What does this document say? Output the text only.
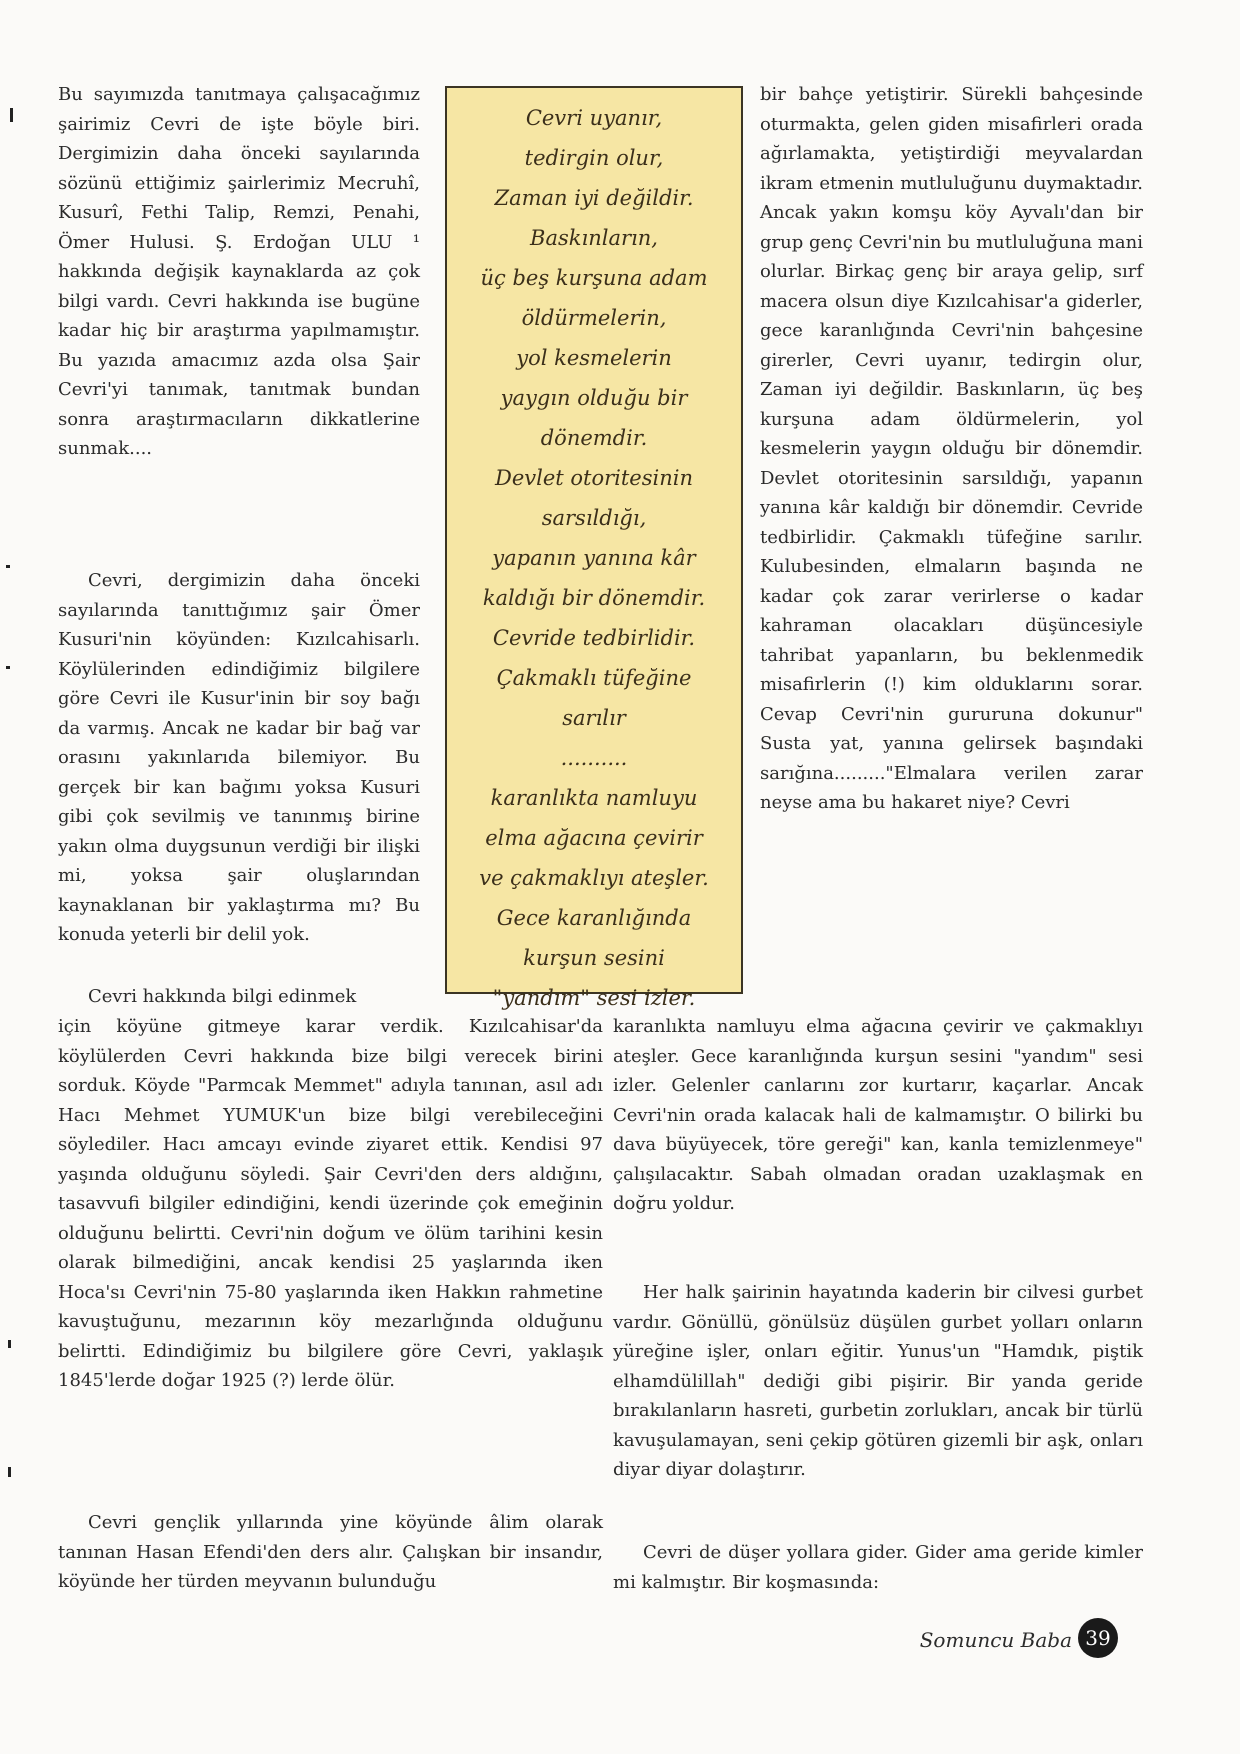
Bu sayımızda tanıtmaya çalışacağımız şairimiz Cevri de işte böyle biri. Dergimizin daha önceki sayılarında sözünü ettiğimiz şairlerimiz Mecruhî, Kusurî, Fethi Talip, Remzi, Penahi, Ömer Hulusi. Ş. Erdoğan ULU ¹ hakkında değişik kaynaklarda az çok bilgi vardı. Cevri hakkında ise bugüne kadar hiç bir araştırma yapılmamıştır. Bu yazıda amacımız azda olsa Şair Cevri'yi tanımak, tanıtmak bundan sonra araştırmacıların dikkatlerine sunmak....

Cevri, dergimizin daha önceki sayılarında tanıttığımız şair Ömer Kusuri'nin köyünden: Kızılcahisarlı. Köylülerinden edindiğimiz bilgilere göre Cevri ile Kusur'inin bir soy bağı da varmış. Ancak ne kadar bir bağ var orasını yakınlarıda bilemiyor. Bu gerçek bir kan bağımı yoksa Kusuri gibi çok sevilmiş ve tanınmış birine yakın olma duygsunun verdiği bir ilişki mi, yoksa şair oluşlarından kaynaklanan bir yaklaştırma mı? Bu konuda yeterli bir delil yok.

Cevri hakkında bilgi edinmek

Cevri uyanır,
tedirgin olur,
Zaman iyi değildir.
Baskınların,
üç beş kurşuna adam
öldürmelerin,
yol kesmelerin
yaygın olduğu bir
dönemdir.
Devlet otoritesinin
sarsıldığı,
yapanın yanına kâr
kaldığı bir dönemdir.
Cevride tedbirlidir.
Çakmaklı tüfeğine
sarılır
..........
karanlıkta namluyu
elma ağacına çevirir
ve çakmaklıyı ateşler.
Gece karanlığında
kurşun sesini
"yandım" sesi izler.

bir bahçe yetiştirir. Sürekli bahçesinde oturmakta, gelen giden misafirleri orada ağırlamakta, yetiştirdiği meyvalardan ikram etmenin mutluluğunu duymaktadır. Ancak yakın komşu köy Ayvalı'dan bir grup genç Cevri'nin bu mutluluğuna mani olurlar. Birkaç genç bir araya gelip, sırf macera olsun diye Kızılcahisar'a giderler, gece karanlığında Cevri'nin bahçesine girerler, Cevri uyanır, tedirgin olur, Zaman iyi değildir. Baskınların, üç beş kurşuna adam öldürmelerin, yol kesmelerin yaygın olduğu bir dönemdir. Devlet otoritesinin sarsıldığı, yapanın yanına kâr kaldığı bir dönemdir. Cevride tedbirlidir. Çakmaklı tüfeğine sarılır. Kulubesinden, elmaların başında ne kadar çok zarar verirlerse o kadar kahraman olacakları düşüncesiyle tahribat yapanların, bu beklenmedik misafirlerin (!) kim olduklarını sorar. Cevap Cevri'nin gururuna dokunur" Susta yat, yanına gelirsek başındaki sarığına........."Elmalara verilen zarar neyse ama bu hakaret niye? Cevri

için köyüne gitmeye karar verdik. Kızılcahisar'da köylülerden Cevri hakkında bize bilgi verecek birini sorduk. Köyde "Parmcak Memmet" adıyla tanınan, asıl adı Hacı Mehmet YUMUK'un bize bilgi verebileceğini söylediler. Hacı amcayı evinde ziyaret ettik. Kendisi 97 yaşında olduğunu söyledi. Şair Cevri'den ders aldığını, tasavvufi bilgiler edindiğini, kendi üzerinde çok emeğinin olduğunu belirtti. Cevri'nin doğum ve ölüm tarihini kesin olarak bilmediğini, ancak kendisi 25 yaşlarında iken Hoca'sı Cevri'nin 75-80 yaşlarında iken Hakkın rahmetine kavuştuğunu, mezarının köy mezarlığında olduğunu belirtti. Edindiğimiz bu bilgilere göre Cevri, yaklaşık 1845'lerde doğar 1925 (?) lerde ölür.

Cevri gençlik yıllarında yine köyünde âlim olarak tanınan Hasan Efendi'den ders alır. Çalışkan bir insandır, köyünde her türden meyvanın bulunduğu

karanlıkta namluyu elma ağacına çevirir ve çakmaklıyı ateşler. Gece karanlığında kurşun sesini "yandım" sesi izler. Gelenler canlarını zor kurtarır, kaçarlar. Ancak Cevri'nin orada kalacak hali de kalmamıştır. O bilirki bu dava büyüyecek, töre gereği" kan, kanla temizlenmeye" çalışılacaktır. Sabah olmadan oradan uzaklaşmak en doğru yoldur.

Her halk şairinin hayatında kaderin bir cilvesi gurbet vardır. Gönüllü, gönülsüz düşülen gurbet yolları onların yüreğine işler, onları eğitir. Yunus'un "Hamdık, piştik elhamdülillah" dediği gibi pişirir. Bir yanda geride bırakılanların hasreti, gurbetin zorlukları, ancak bir türlü kavuşulamayan, seni çekip götüren gizemli bir aşk, onları diyar diyar dolaştırır.

Cevri de düşer yollara gider. Gider ama geride kimler mi kalmıştır. Bir koşmasında:

Somuncu Baba 39
